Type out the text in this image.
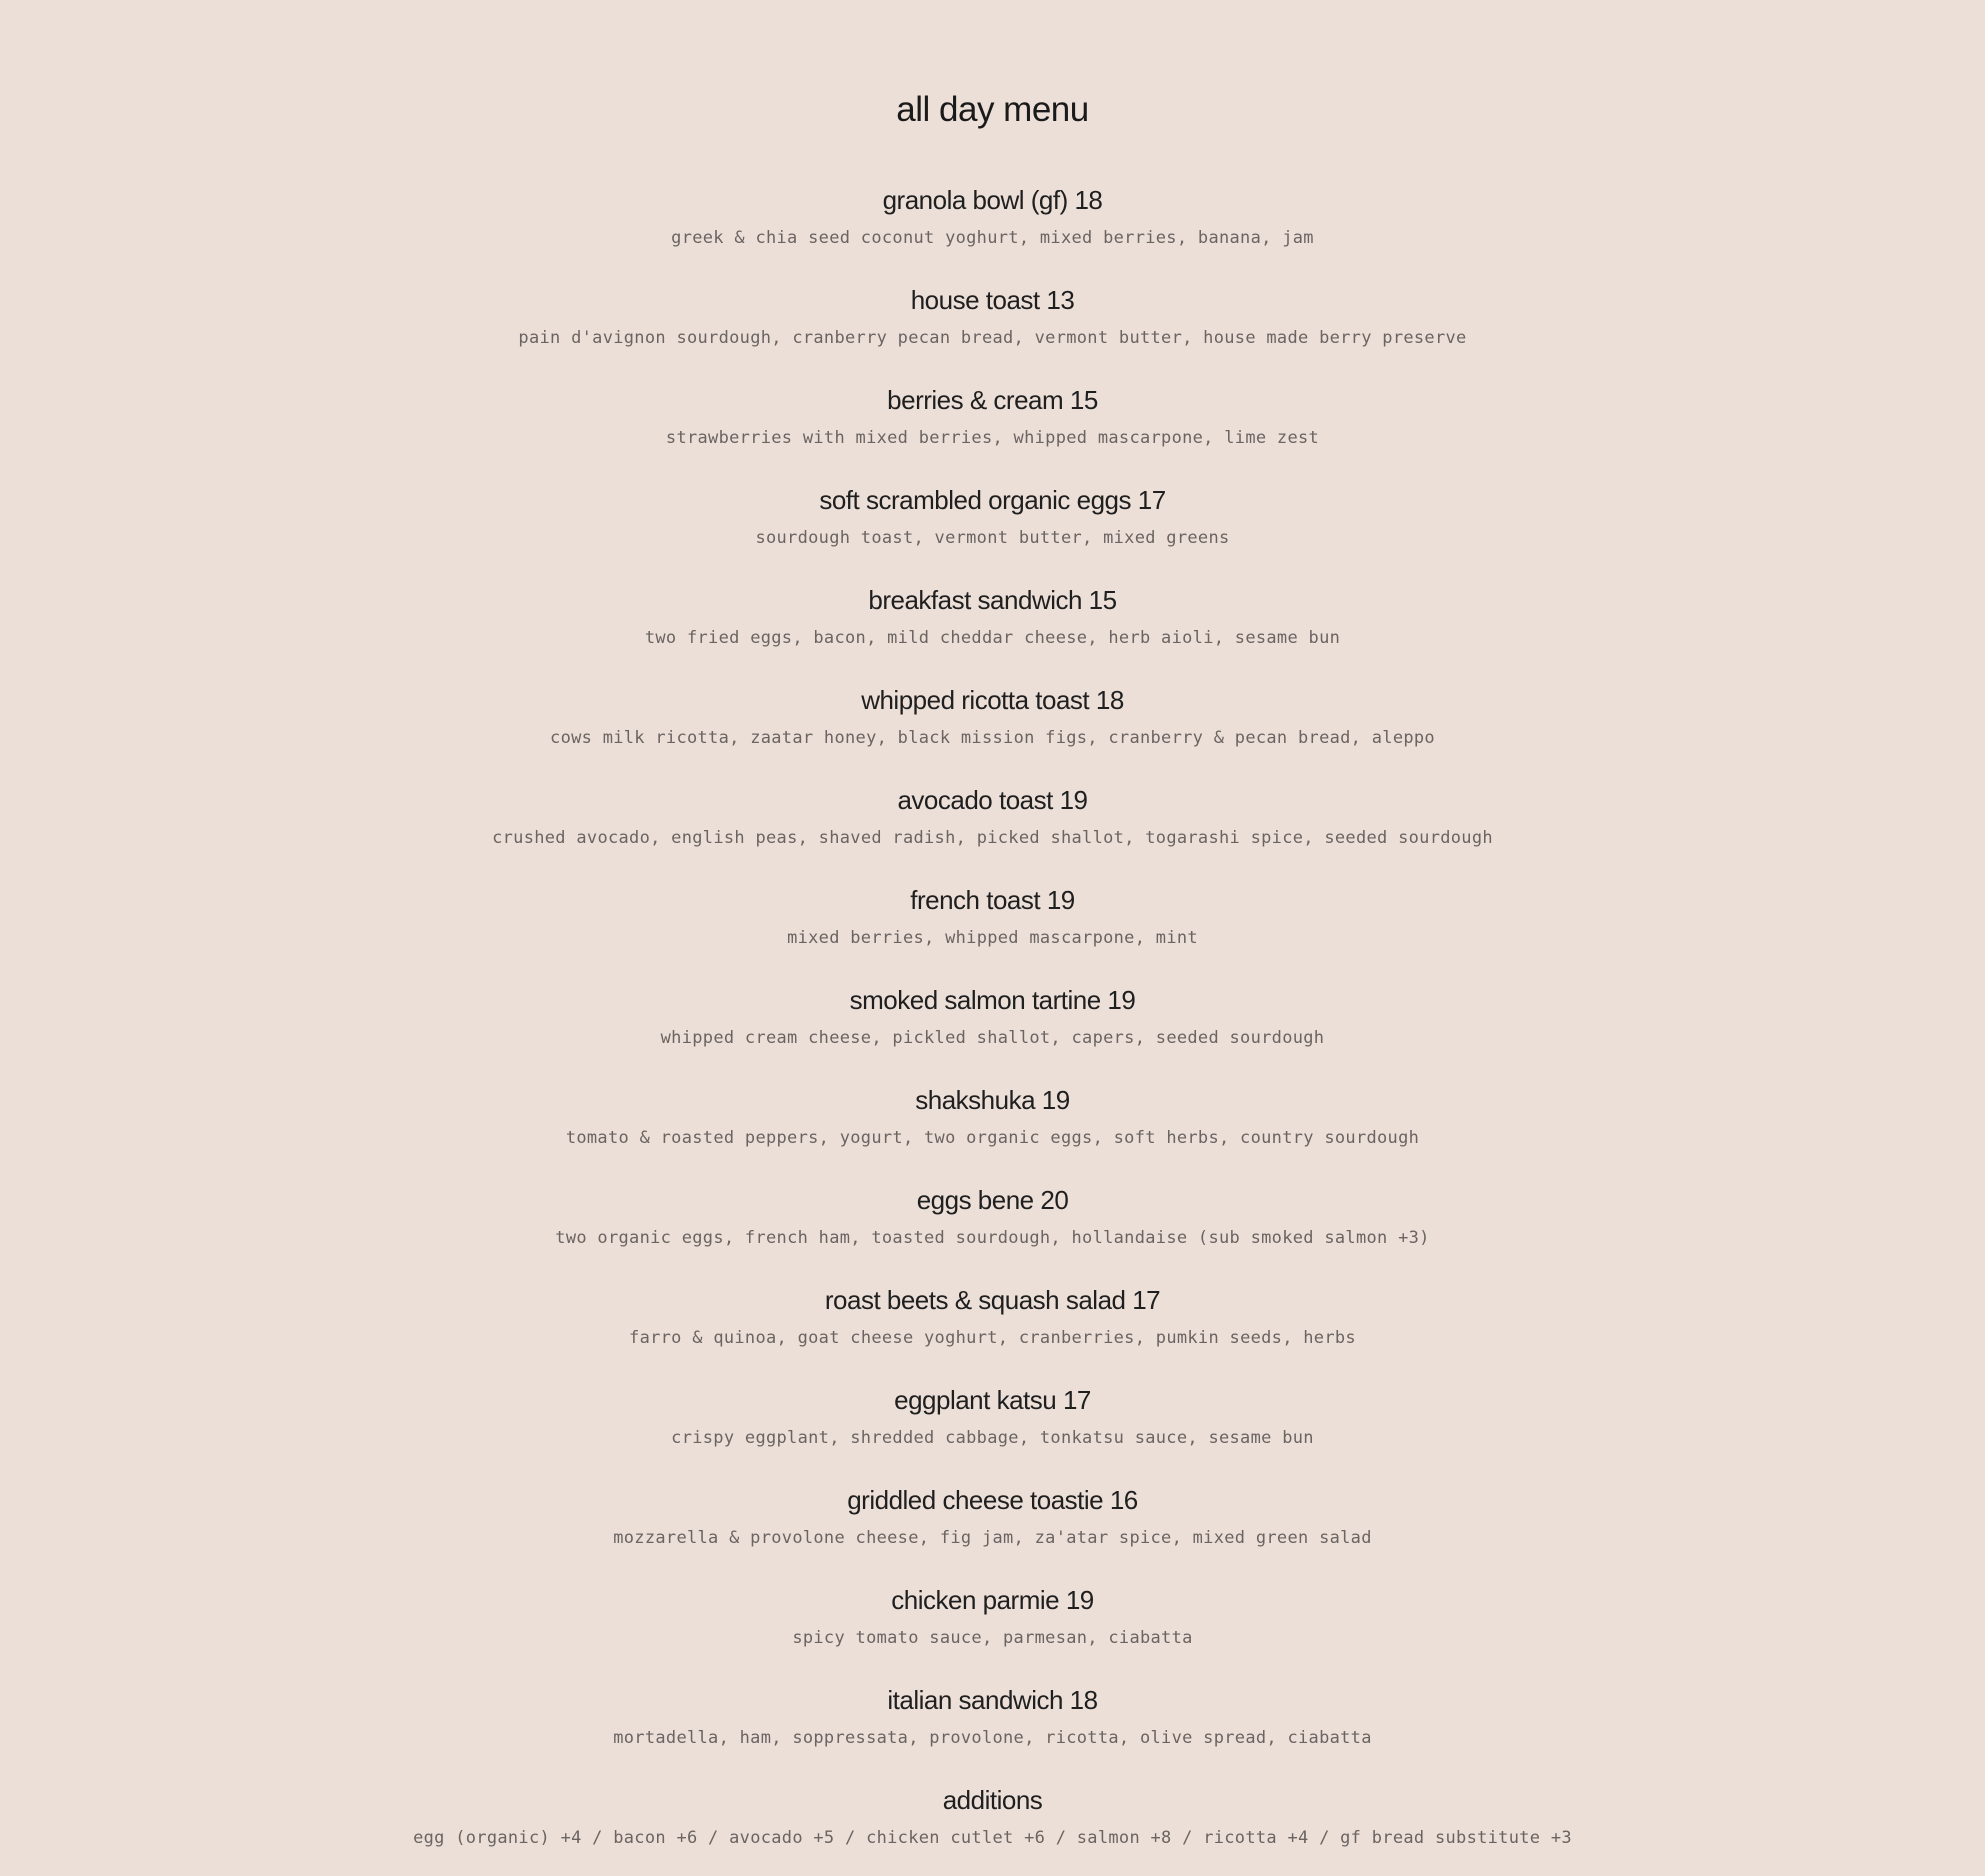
all day menu
granola bowl (gf) 18
greek & chia seed coconut yoghurt, mixed berries, banana, jam
house toast 13
pain d'avignon sourdough, cranberry pecan bread, vermont butter, house made berry preserve
berries & cream 15
strawberries with mixed berries, whipped mascarpone, lime zest
soft scrambled organic eggs 17
sourdough toast, vermont butter, mixed greens
breakfast sandwich 15
two fried eggs, bacon, mild cheddar cheese, herb aioli, sesame bun
whipped ricotta toast 18
cows milk ricotta, zaatar honey, black mission figs, cranberry & pecan bread, aleppo
avocado toast 19
crushed avocado, english peas, shaved radish, picked shallot, togarashi spice, seeded sourdough
french toast 19
mixed berries, whipped mascarpone, mint
smoked salmon tartine 19
whipped cream cheese, pickled shallot, capers, seeded sourdough
shakshuka 19
tomato & roasted peppers, yogurt, two organic eggs, soft herbs, country sourdough
eggs bene 20
two organic eggs, french ham, toasted sourdough, hollandaise (sub smoked salmon +3)
roast beets & squash salad 17
farro & quinoa, goat cheese yoghurt, cranberries, pumkin seeds, herbs
eggplant katsu 17
crispy eggplant, shredded cabbage, tonkatsu sauce, sesame bun
griddled cheese toastie 16
mozzarella & provolone cheese, fig jam, za'atar spice, mixed green salad
chicken parmie 19
spicy tomato sauce, parmesan, ciabatta
italian sandwich 18
mortadella, ham, soppressata, provolone, ricotta, olive spread, ciabatta
additions
egg (organic) +4 / bacon +6 / avocado +5 / chicken cutlet +6 / salmon +8 / ricotta +4 / gf bread substitute +3
